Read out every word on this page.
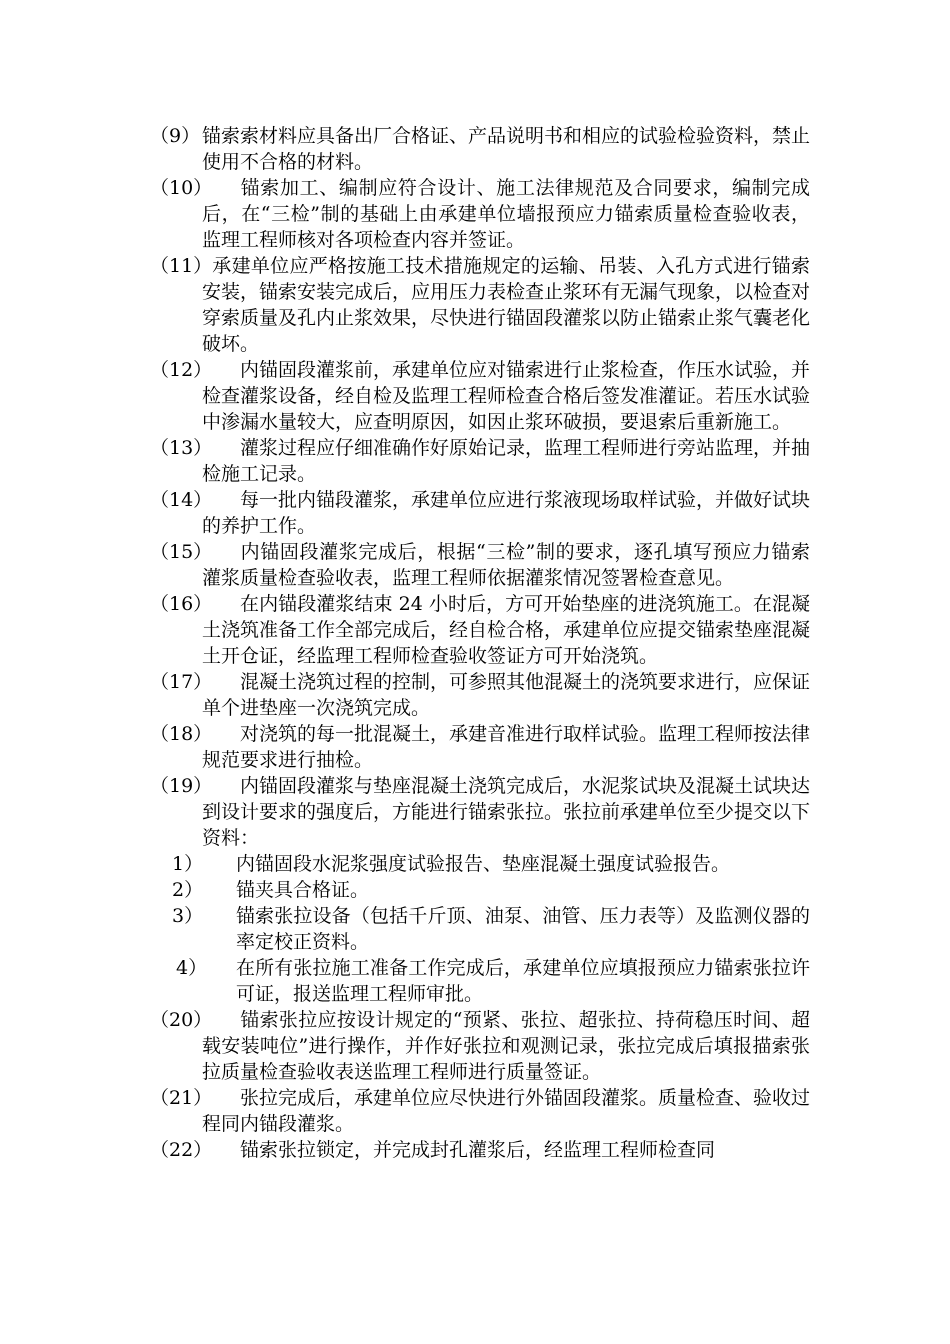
（9） 锚索索材料应具备出厂合格证、产品说明书和相应的试验检验资料，禁止使用不合格的材料。
（10）	锚索加工、编制应符合设计、施工法律规范及合同要求，编制完成后，在“三检”制的基础上由承建单位墙报预应力锚索质量检查验收表，监理工程师核对各项检查内容并签证。
（11） 承建单位应严格按施工技术措施规定的运输、吊装、入孔方式进行锚索安装，锚索安装完成后，应用压力表检查止浆环有无漏气现象，以检查对穿索质量及孔内止浆效果，尽快进行锚固段灌浆以防止锚索止浆气囊老化破坏。
（12）	内锚固段灌浆前，承建单位应对锚索进行止浆检查，作压水试验，并检查灌浆设备，经自检及监理工程师检查合格后签发准灌证。若压水试验中渗漏水量较大，应查明原因，如因止浆环破损，要退索后重新施工。
（13）	灌浆过程应仔细准确作好原始记录，监理工程师进行旁站监理，并抽检施工记录。
（14）	每一批内锚段灌浆，承建单位应进行浆液现场取样试验，并做好试块的养护工作。
（15）	内锚固段灌浆完成后，根据“三检”制的要求，逐孔填写预应力锚索灌浆质量检查验收表，监理工程师依据灌浆情况签署检查意见。
（16）	在内锚段灌浆结束 24 小时后，方可开始垫座的进浇筑施工。在混凝土浇筑准备工作全部完成后，经自检合格，承建单位应提交锚索垫座混凝土开仓证，经监理工程师检查验收签证方可开始浇筑。
（17）	混凝土浇筑过程的控制，可参照其他混凝土的浇筑要求进行，应保证单个进垫座一次浇筑完成。
（18）	对浇筑的每一批混凝土，承建音准进行取样试验。监理工程师按法律规范要求进行抽检。
（19）	内锚固段灌浆与垫座混凝土浇筑完成后，水泥浆试块及混凝土试块达到设计要求的强度后，方能进行锚索张拉。张拉前承建单位至少提交以下资料：
1）	内锚固段水泥浆强度试验报告、垫座混凝土强度试验报告。
2）	锚夹具合格证。
3）	锚索张拉设备（包括千斤顶、油泵、油管、压力表等）及监测仪器的率定校正资料。
4）	在所有张拉施工准备工作完成后，承建单位应填报预应力锚索张拉许可证，报送监理工程师审批。
（20）	锚索张拉应按设计规定的“预紧、张拉、超张拉、持荷稳压时间、超载安装吨位”进行操作，并作好张拉和观测记录，张拉完成后填报描索张拉质量检查验收表送监理工程师进行质量签证。
（21）	张拉完成后，承建单位应尽快进行外锚固段灌浆。质量检查、验收过程同内锚段灌浆。
（22）	锚索张拉锁定，并完成封孔灌浆后，经监理工程师检查同
